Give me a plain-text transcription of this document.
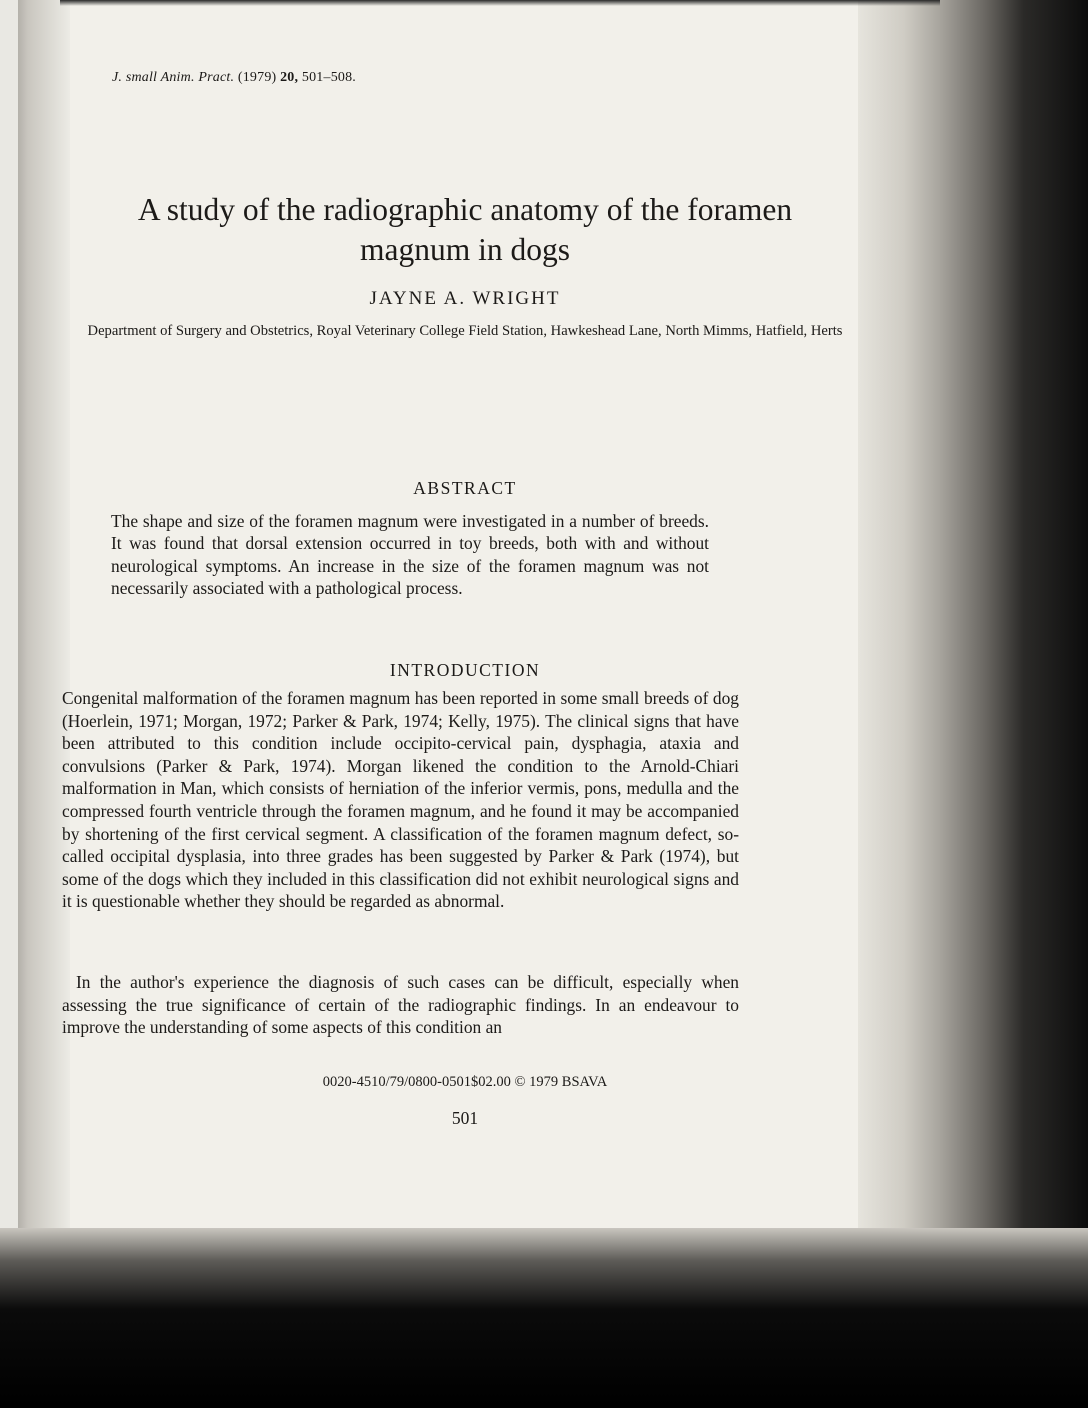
J. small Anim. Pract. (1979) 20, 501–508.
A study of the radiographic anatomy of the foramen magnum in dogs
JAYNE A. WRIGHT
Department of Surgery and Obstetrics, Royal Veterinary College Field Station, Hawkeshead Lane, North Mimms, Hatfield, Herts
ABSTRACT

The shape and size of the foramen magnum were investigated in a number of breeds. It was found that dorsal extension occurred in toy breeds, both with and without neurological symptoms. An increase in the size of the foramen magnum was not necessarily associated with a pathological process.

INTRODUCTION

Congenital malformation of the foramen magnum has been reported in some small breeds of dog (Hoerlein, 1971; Morgan, 1972; Parker & Park, 1974; Kelly, 1975). The clinical signs that have been attributed to this condition include occipito-cervical pain, dysphagia, ataxia and convulsions (Parker & Park, 1974). Morgan likened the condition to the Arnold-Chiari malformation in Man, which consists of herniation of the inferior vermis, pons, medulla and the compressed fourth ventricle through the foramen magnum, and he found it may be accompanied by shortening of the first cervical segment. A classification of the foramen magnum defect, so-called occipital dysplasia, into three grades has been suggested by Parker & Park (1974), but some of the dogs which they included in this classification did not exhibit neurological signs and it is questionable whether they should be regarded as abnormal.

In the author's experience the diagnosis of such cases can be difficult, especially when assessing the true significance of certain of the radiographic findings. In an endeavour to improve the understanding of some aspects of this condition an

0020-4510/79/0800-0501$02.00 © 1979 BSAVA
501
